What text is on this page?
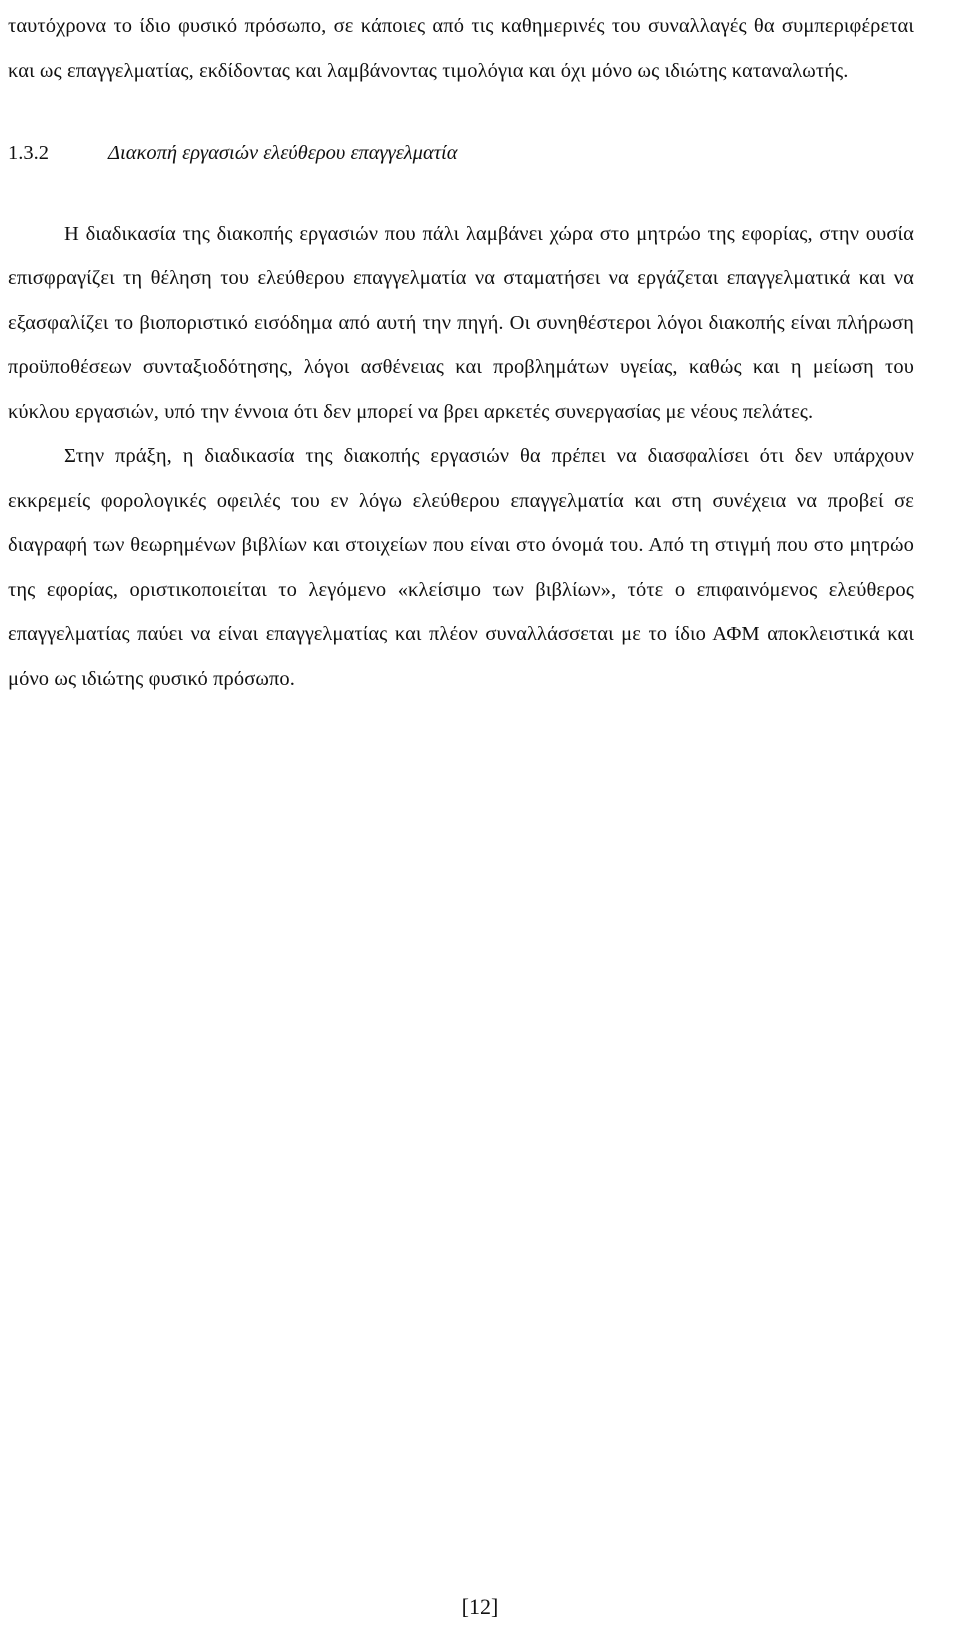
ταυτόχρονα το ίδιο φυσικό πρόσωπο, σε κάποιες από τις καθημερινές του συναλλαγές θα συμπεριφέρεται και ως επαγγελματίας, εκδίδοντας και λαμβάνοντας τιμολόγια και όχι μόνο ως ιδιώτης καταναλωτής.

1.3.2	Διακοπή εργασιών ελεύθερου επαγγελματία

Η διαδικασία της διακοπής εργασιών που πάλι λαμβάνει χώρα στο μητρώο της εφορίας, στην ουσία επισφραγίζει τη θέληση του ελεύθερου επαγγελματία να σταματήσει να εργάζεται επαγγελματικά και να εξασφαλίζει το βιοποριστικό εισόδημα από αυτή την πηγή. Οι συνηθέστεροι λόγοι διακοπής είναι πλήρωση προϋποθέσεων συνταξιοδότησης, λόγοι ασθένειας και προβλημάτων υγείας, καθώς και η μείωση του κύκλου εργασιών, υπό την έννοια ότι δεν μπορεί να βρει αρκετές συνεργασίας με νέους πελάτες.

Στην πράξη, η διαδικασία της διακοπής εργασιών θα πρέπει να διασφαλίσει ότι δεν υπάρχουν εκκρεμείς φορολογικές οφειλές του εν λόγω ελεύθερου επαγγελματία και στη συνέχεια να προβεί σε διαγραφή των θεωρημένων βιβλίων και στοιχείων που είναι στο όνομά του. Από τη στιγμή που στο μητρώο της εφορίας, οριστικοποιείται το λεγόμενο «κλείσιμο των βιβλίων», τότε ο επιφαινόμενος ελεύθερος επαγγελματίας παύει να είναι επαγγελματίας και πλέον συναλλάσσεται με το ίδιο ΑΦΜ αποκλειστικά και μόνο ως ιδιώτης φυσικό πρόσωπο.

[12]
